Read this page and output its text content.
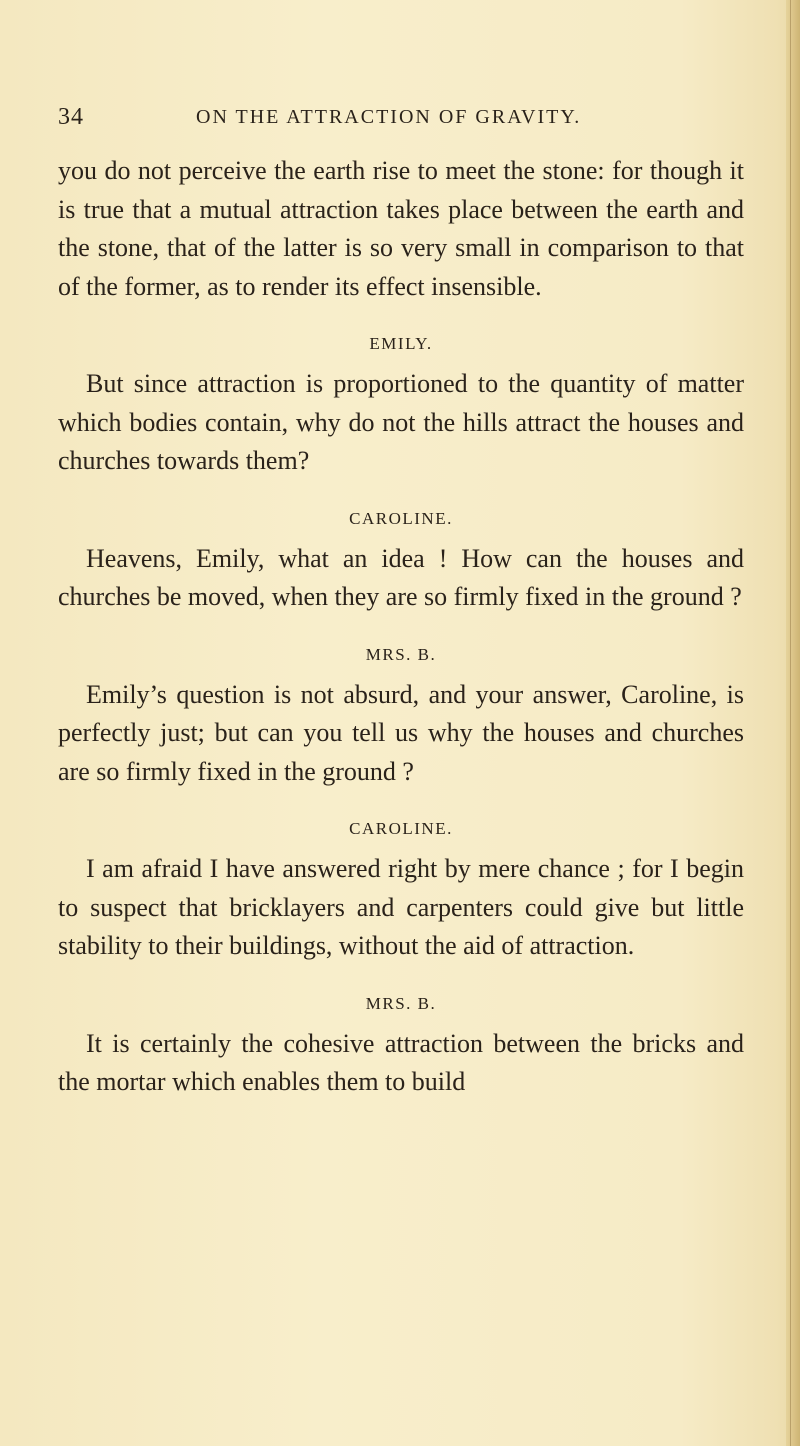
34	ON THE ATTRACTION OF GRAVITY.

you do not perceive the earth rise to meet the stone: for though it is true that a mutual attraction takes place between the earth and the stone, that of the latter is so very small in comparison to that of the former, as to render its effect insensible.

EMILY.

But since attraction is proportioned to the quantity of matter which bodies contain, why do not the hills attract the houses and churches towards them?

CAROLINE.

Heavens, Emily, what an idea ! How can the houses and churches be moved, when they are so firmly fixed in the ground ?

MRS. B.

Emily’s question is not absurd, and your answer, Caroline, is perfectly just; but can you tell us why the houses and churches are so firmly fixed in the ground ?

CAROLINE.

I am afraid I have answered right by mere chance ; for I begin to suspect that bricklayers and carpenters could give but little stability to their buildings, without the aid of attraction.

MRS. B.

It is certainly the cohesive attraction between the bricks and the mortar which enables them to build
